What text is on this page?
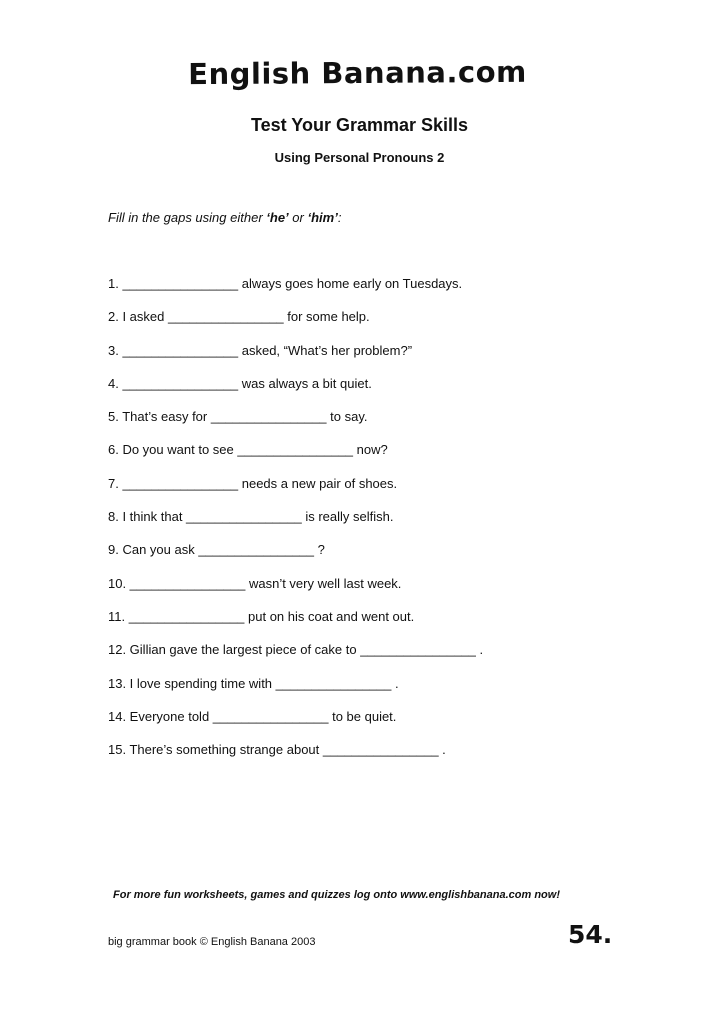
English Banana.com
Test Your Grammar Skills
Using Personal Pronouns 2
Fill in the gaps using either ‘he’ or ‘him’:
1. ________________ always goes home early on Tuesdays.
2. I asked ________________ for some help.
3. ________________ asked, “What’s her problem?”
4. ________________ was always a bit quiet.
5. That’s easy for ________________ to say.
6. Do you want to see ________________ now?
7. ________________ needs a new pair of shoes.
8. I think that ________________ is really selfish.
9. Can you ask ________________ ?
10. ________________ wasn’t very well last week.
11. ________________ put on his coat and went out.
12. Gillian gave the largest piece of cake to ________________ .
13. I love spending time with ________________ .
14. Everyone told ________________ to be quiet.
15. There’s something strange about ________________ .
For more fun worksheets, games and quizzes log onto www.englishbanana.com now!
big grammar book © English Banana 2003	54.
